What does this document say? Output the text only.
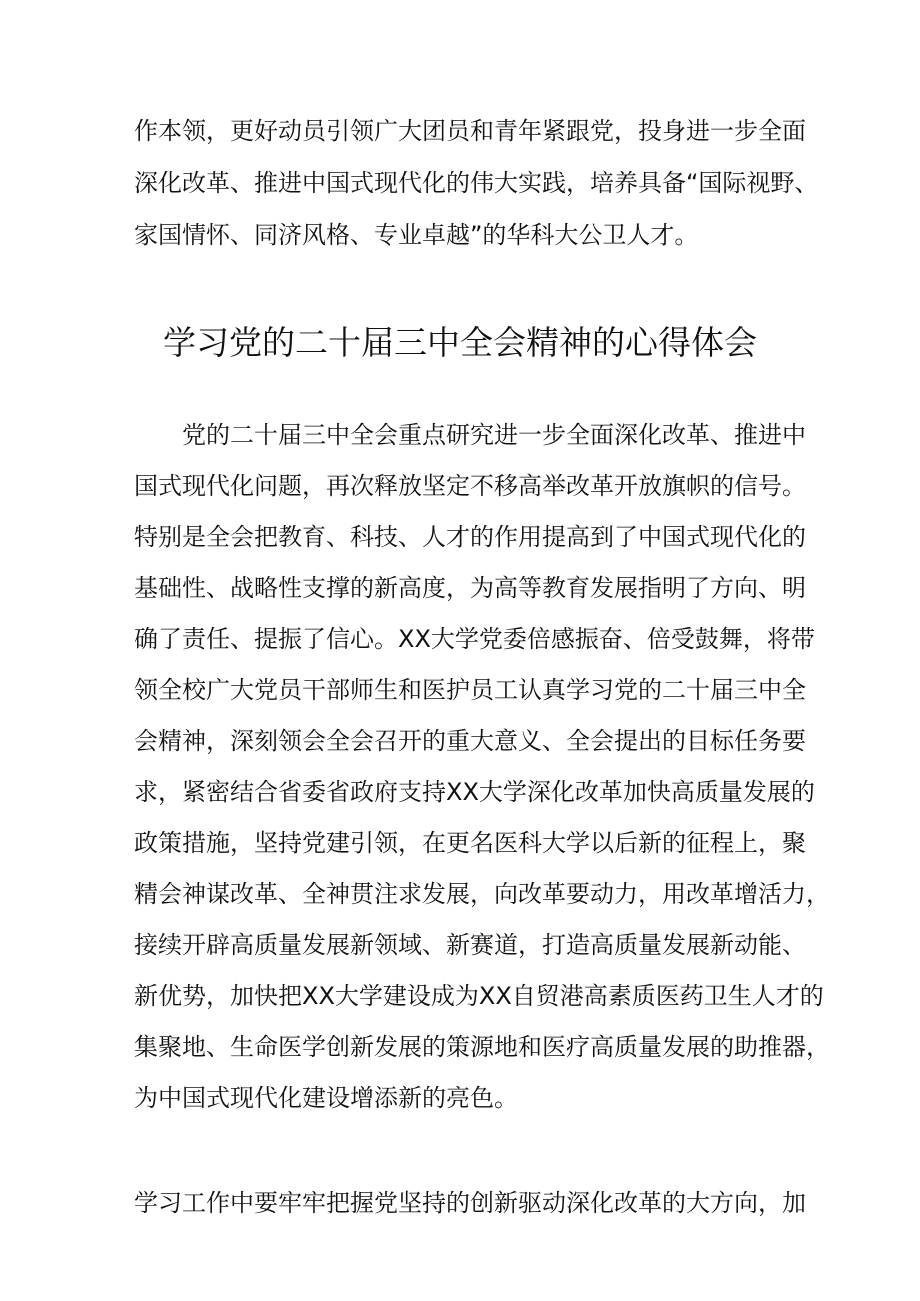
作本领，更好动员引领广大团员和青年紧跟党，投身进一步全面
深化改革、推进中国式现代化的伟大实践，培养具备“国际视野、
家国情怀、同济风格、专业卓越”的华科大公卫人才。
学习党的二十届三中全会精神的心得体会
党的二十届三中全会重点研究进一步全面深化改革、推进中
国式现代化问题，再次释放坚定不移高举改革开放旗帜的信号。
特别是全会把教育、科技、人才的作用提高到了中国式现代化的
基础性、战略性支撑的新高度，为高等教育发展指明了方向、明
确了责任、提振了信心。XX大学党委倍感振奋、倍受鼓舞，将带
领全校广大党员干部师生和医护员工认真学习党的二十届三中全
会精神，深刻领会全会召开的重大意义、全会提出的目标任务要
求，紧密结合省委省政府支持XX大学深化改革加快高质量发展的
政策措施，坚持党建引领，在更名医科大学以后新的征程上，聚
精会神谋改革、全神贯注求发展，向改革要动力，用改革增活力，
接续开辟高质量发展新领域、新赛道，打造高质量发展新动能、
新优势，加快把XX大学建设成为XX自贸港高素质医药卫生人才的
集聚地、生命医学创新发展的策源地和医疗高质量发展的助推器，
为中国式现代化建设增添新的亮色。
学习工作中要牢牢把握党坚持的创新驱动深化改革的大方向，加
